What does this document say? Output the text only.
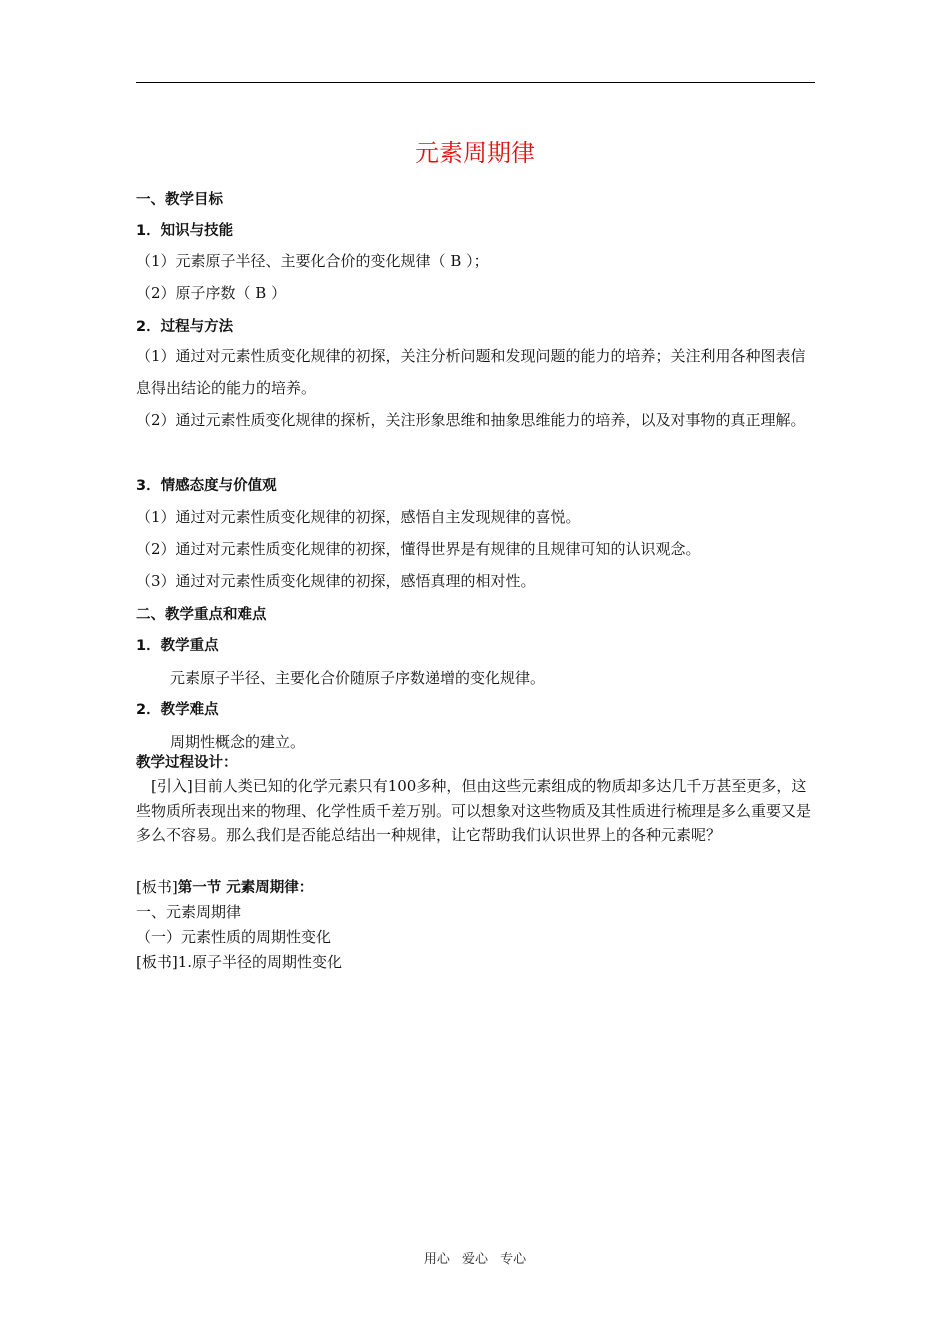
元素周期律
一、教学目标
1．知识与技能
（1）元素原子半径、主要化合价的变化规律（ B ）；
（2）原子序数（ B ）
2．过程与方法
（1）通过对元素性质变化规律的初探，关注分析问题和发现问题的能力的培养；关注利用各种图表信息得出结论的能力的培养。
（2）通过元素性质变化规律的探析，关注形象思维和抽象思维能力的培养，以及对事物的真正理解。
3．情感态度与价值观
（1）通过对元素性质变化规律的初探，感悟自主发现规律的喜悦。
（2）通过对元素性质变化规律的初探，懂得世界是有规律的且规律可知的认识观念。
（3）通过对元素性质变化规律的初探，感悟真理的相对性。
二、教学重点和难点
1．教学重点
元素原子半径、主要化合价随原子序数递增的变化规律。
2．教学难点
周期性概念的建立。
教学过程设计：
[引入]目前人类已知的化学元素只有100多种，但由这些元素组成的物质却多达几千万甚至更多，这些物质所表现出来的物理、化学性质千差万别。可以想象对这些物质及其性质进行梳理是多么重要又是多么不容易。那么我们是否能总结出一种规律，让它帮助我们认识世界上的各种元素呢？
[板书]第一节 元素周期律：
一、元素周期律
（一）元素性质的周期性变化
[板书]1.原子半径的周期性变化
用心 爱心 专心
